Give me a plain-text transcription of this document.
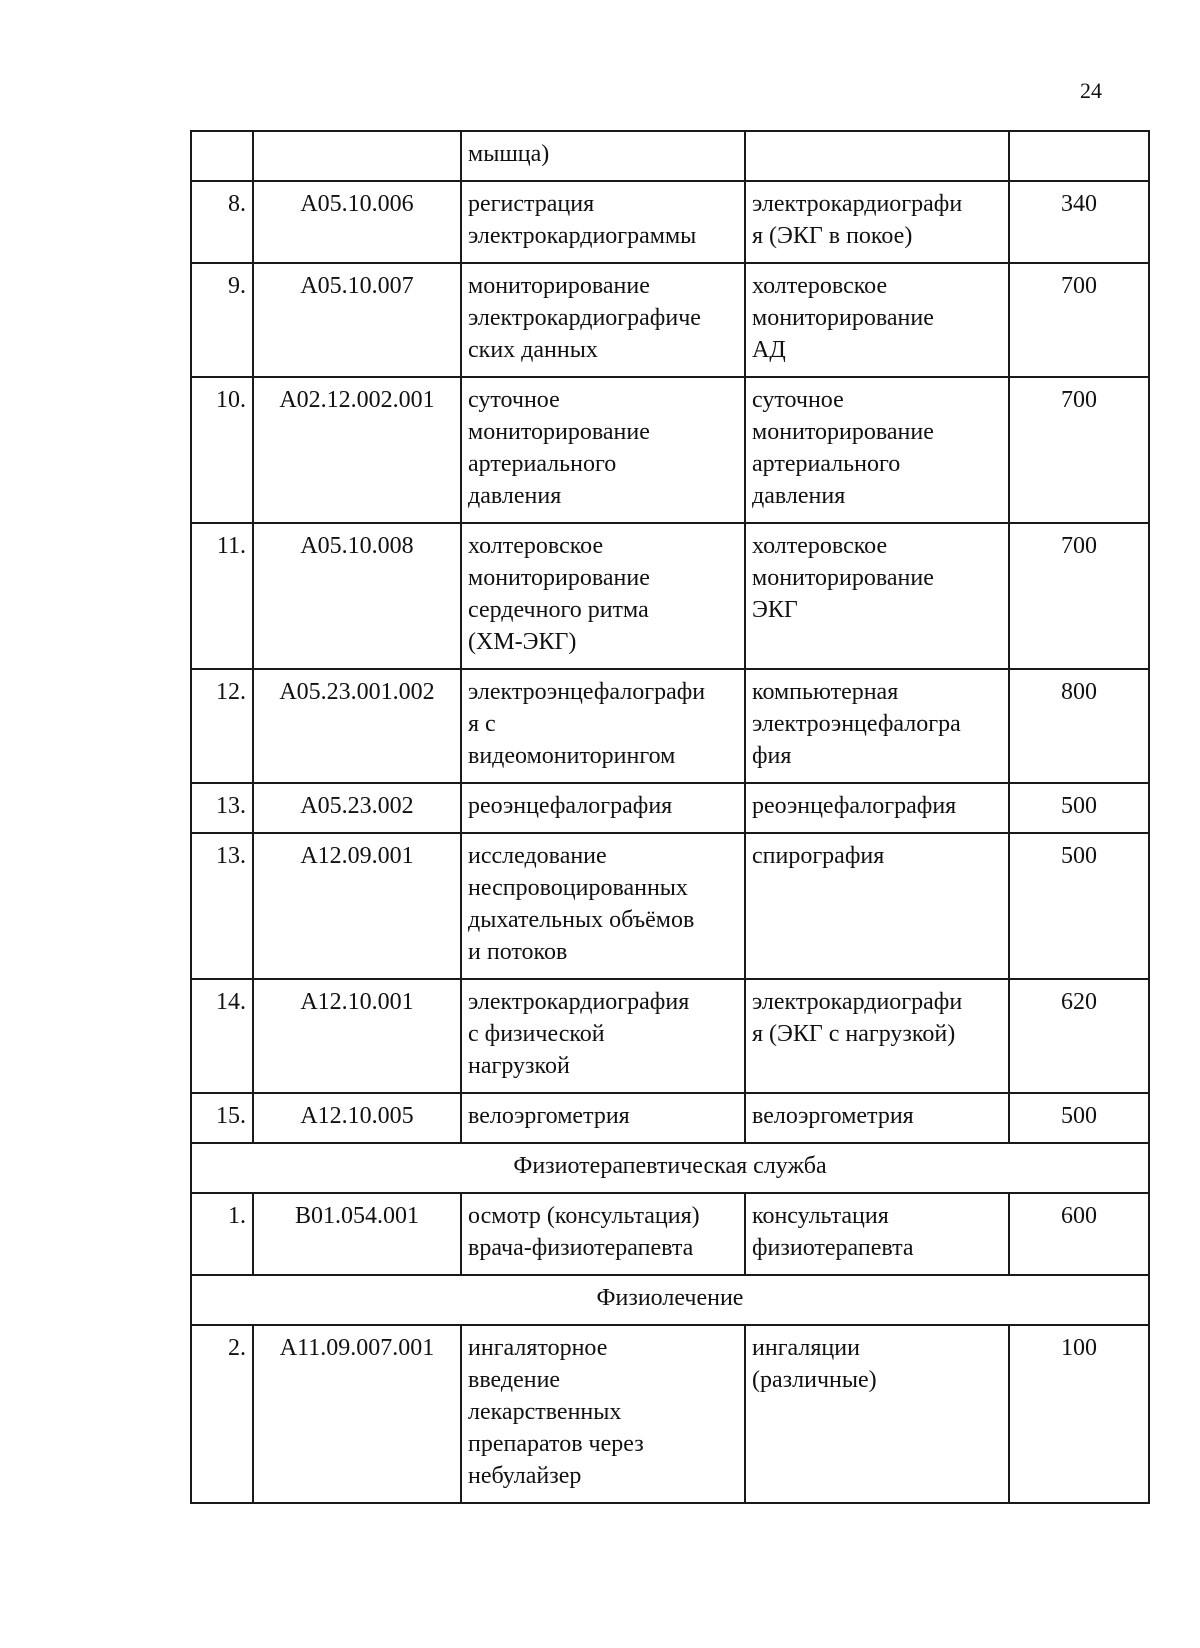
24
		мышца)		
8.	A05.10.006	регистрация
электрокардиограммы	электрокардиографи
я (ЭКГ в покое)	340
9.	A05.10.007	мониторирование
электрокардиографиче
ских данных	холтеровское
мониторирование
АД	700
10.	A02.12.002.001	суточное
мониторирование
артериального
давления	суточное
мониторирование
артериального
давления	700
11.	A05.10.008	холтеровское
мониторирование
сердечного ритма
(ХМ-ЭКГ)	холтеровское
мониторирование
ЭКГ	700
12.	A05.23.001.002	электроэнцефалографи
я с
видеомониторингом	компьютерная
электроэнцефалогра
фия	800
13.	A05.23.002	реоэнцефалография	реоэнцефалография	500
13.	A12.09.001	исследование
неспровоцированных
дыхательных объёмов
и потоков	спирография	500
14.	A12.10.001	электрокардиография
с физической
нагрузкой	электрокардиографи
я (ЭКГ с нагрузкой)	620
15.	A12.10.005	велоэргометрия	велоэргометрия	500
Физиотерапевтическая служба				
1.	B01.054.001	осмотр (консультация)
врача-физиотерапевта	консультация
физиотерапевта	600
Физиолечение				
2.	A11.09.007.001	ингаляторное
введение
лекарственных
препаратов через
небулайзер	ингаляции
(различные)	100
